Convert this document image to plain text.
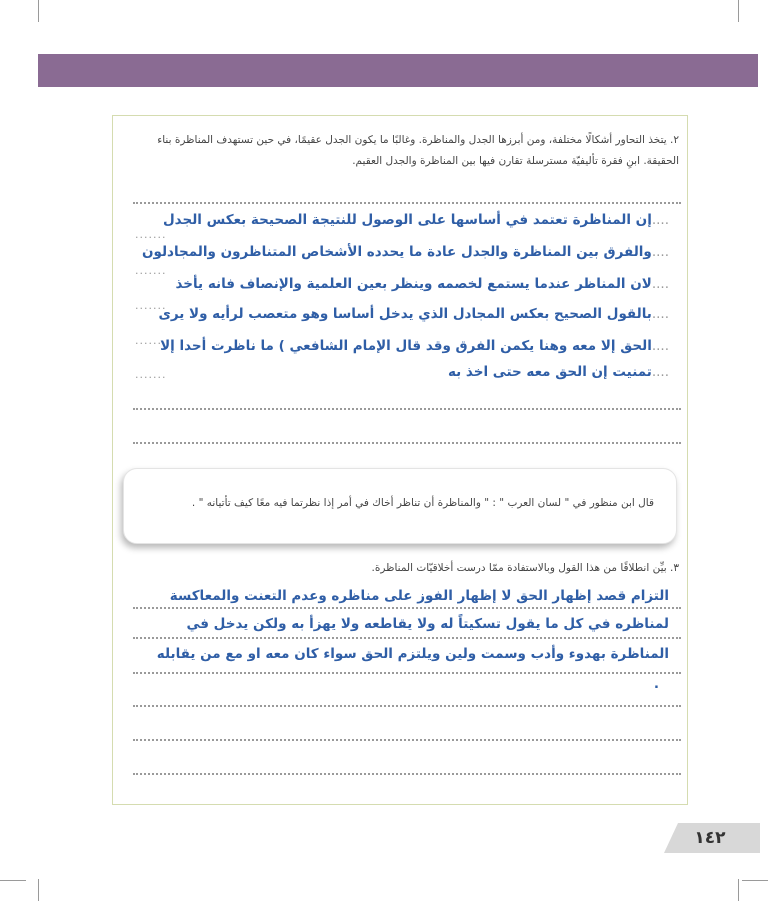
٢. يتخذ التحاور أشكالًا مختلفة، ومن أبرزها الجدل والمناظرة. وغالبًا ما يكون الجدل عقيمًا، في حين تستهدف المناظرة بناء الحقيقة. ابنِ فقرة تأليفيّة مسترسلة تقارن فيها بين المناظرة والجدل العقيم.
....إن المناظرة تعتمد في أساسها على الوصول للنتيجة الصحيحة بعكس الجدل
.......
....والفرق بين المناظرة والجدل عادة ما يحدده الأشخاص المتناظرون والمجادلون
.......
....لان المناظر عندما يستمع لخصمه وينظر بعين العلمية والإنصاف فانه يأخذ
.......
....بالقول الصحيح بعكس المجادل الذي يدخل أساسا وهو متعصب لرأيه ولا يرى
.......	....الحق إلا معه وهنا يكمن الفرق وقد قال الإمام الشافعي ) ما ناظرت أحدا إلا
.......	....تمنيت إن الحق معه حتى اخذ به
قال ابن منظور في " لسان العرب " : " والمناظرة أن تناظر أخاك في أمر إذا نظرتما فيه معًا كيف تأتيانه " .
٣. بيِّن انطلاقًا من هذا القول وبالاستفادة ممّا درست أخلاقيّات المناظرة.
التزام قصد إظهار الحق لا إظهار الفوز على مناظره وعدم التعنت والمعاكسة
لمناظره في كل ما يقول تسكيتاً له ولا يقاطعه ولا يهزأ به ولكن يدخل في
المناظرة بهدوء وأدب وسمت ولين ويلتزم الحق سواء كان معه او مع من يقابله
.
١٤٢
